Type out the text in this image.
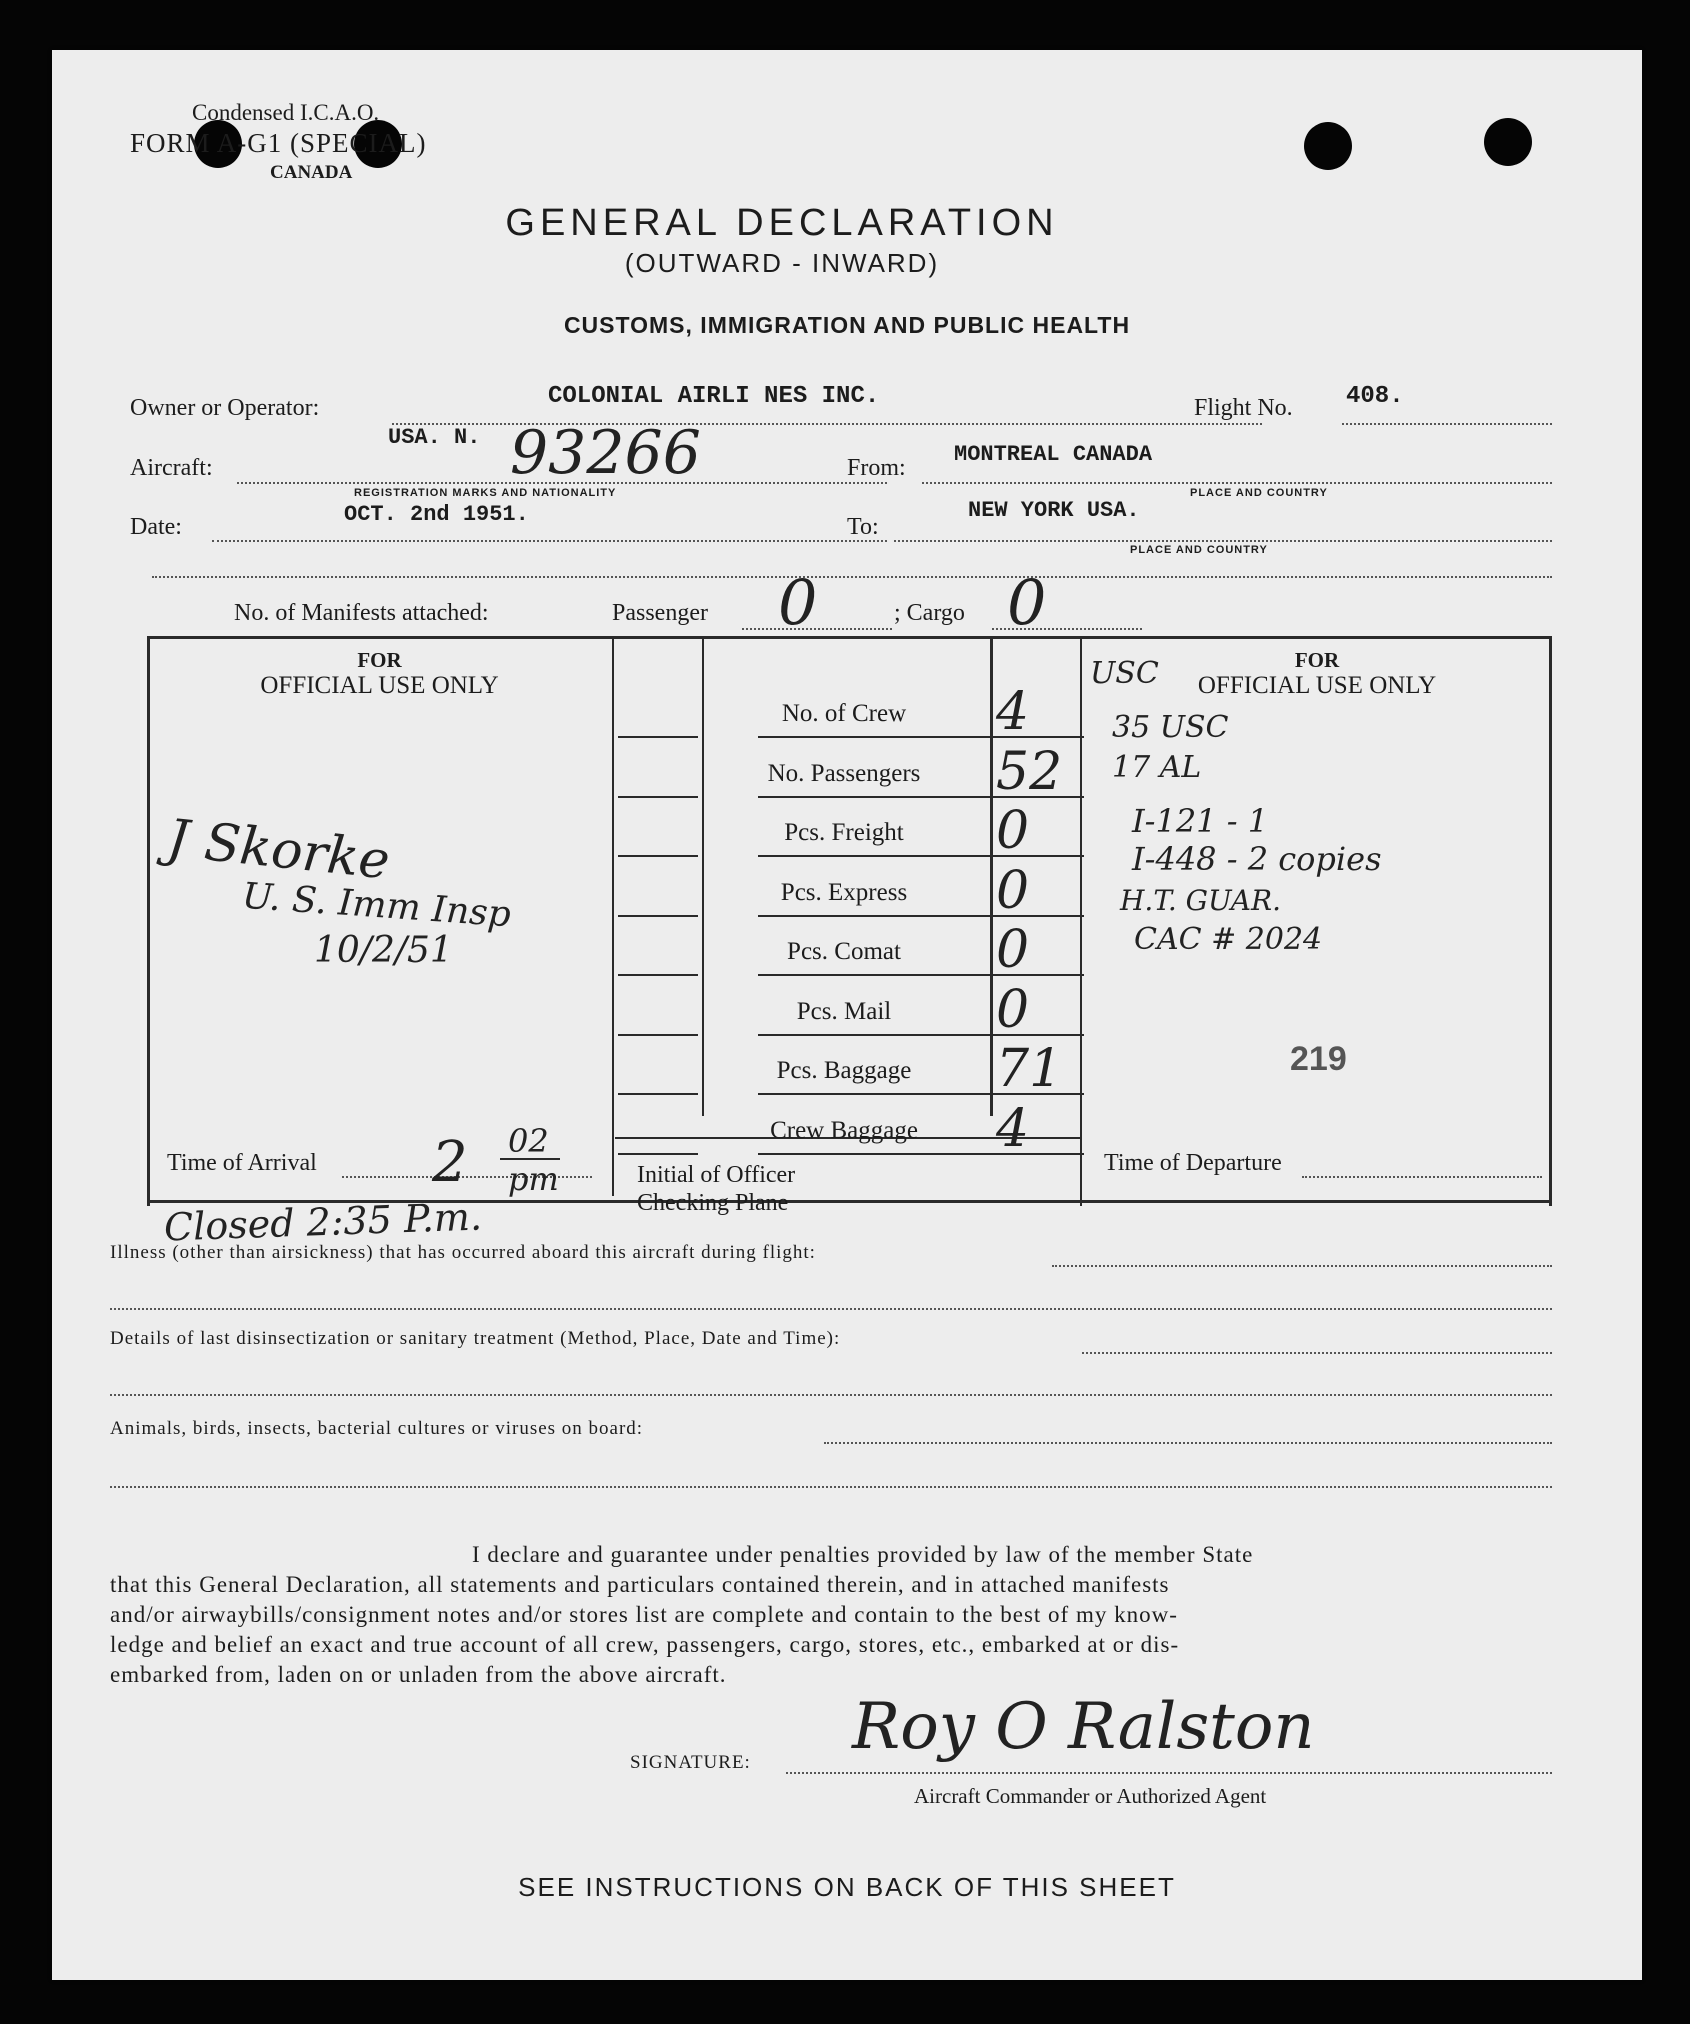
Condensed I.C.A.O.
FORM A-G1 (SPECIAL)
CANADA
GENERAL DECLARATION
(OUTWARD - INWARD)
CUSTOMS, IMMIGRATION AND PUBLIC HEALTH
Owner or Operator:	COLONIAL AIRLI NES INC.	Flight No. 408.
Aircraft:
USA. N. 93266
REGISTRATION MARKS AND NATIONALITY
From:
MONTREAL CANADA
PLACE AND COUNTRY
Date:	OCT. 2nd 1951.	To:
NEW YORK USA.
PLACE AND COUNTRY
No. of Manifests attached:	Passenger 0	; Cargo 0
FOR
OFFICIAL USE ONLY
FOR
OFFICIAL USE ONLY
J Skorke
U. S. Imm Insp
10/2/51
USC
35 USC
17 AL
I-121 - 1
I-448 - 2 copies
H.T. GUAR.
CAC # 2024
219
Time of Arrival 2 02
pm	Initial of Officer
Checking Plane
Time of Departure
Closed 2:35 P.m.
Illness (other than airsickness) that has occurred aboard this aircraft during flight:
Details of last disinsectization or sanitary treatment (Method, Place, Date and Time):
Animals, birds, insects, bacterial cultures or viruses on board:
I declare and guarantee under penalties provided by law of the member State
that this General Declaration, all statements and particulars contained therein, and in attached manifests
and/or airwaybills/consignment notes and/or stores list are complete and contain to the best of my know-
ledge and belief an exact and true account of all crew, passengers, cargo, stores, etc., embarked at or dis-
embarked from, laden on or unladen from the above aircraft.
SIGNATURE: Roy O Ralston
Aircraft Commander or Authorized Agent
SEE INSTRUCTIONS ON BACK OF THIS SHEET
No. of Crew	4
No. Passengers	52
Pcs. Freight	0
Pcs. Express	0
Pcs. Comat	0
Pcs. Mail	0
Pcs. Baggage	71
Crew Baggage	4
